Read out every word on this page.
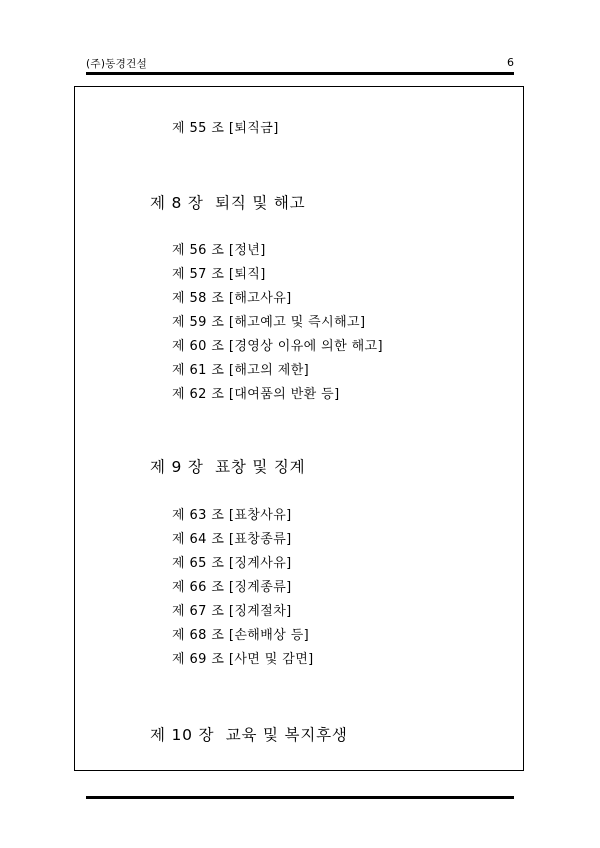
(주)동경건설	6
제 55 조 [퇴직금]
제 8 장  퇴직 및 해고
제 56 조 [정년]
제 57 조 [퇴직]
제 58 조 [해고사유]
제 59 조 [해고예고 및 즉시해고]
제 60 조 [경영상 이유에 의한 해고]
제 61 조 [해고의 제한]
제 62 조 [대여품의 반환 등]
제 9 장  표창 및 징계
제 63 조 [표창사유]
제 64 조 [표창종류]
제 65 조 [징계사유]
제 66 조 [징계종류]
제 67 조 [징계절차]
제 68 조 [손해배상 등]
제 69 조 [사면 및 감면]
제 10 장  교육 및 복지후생
